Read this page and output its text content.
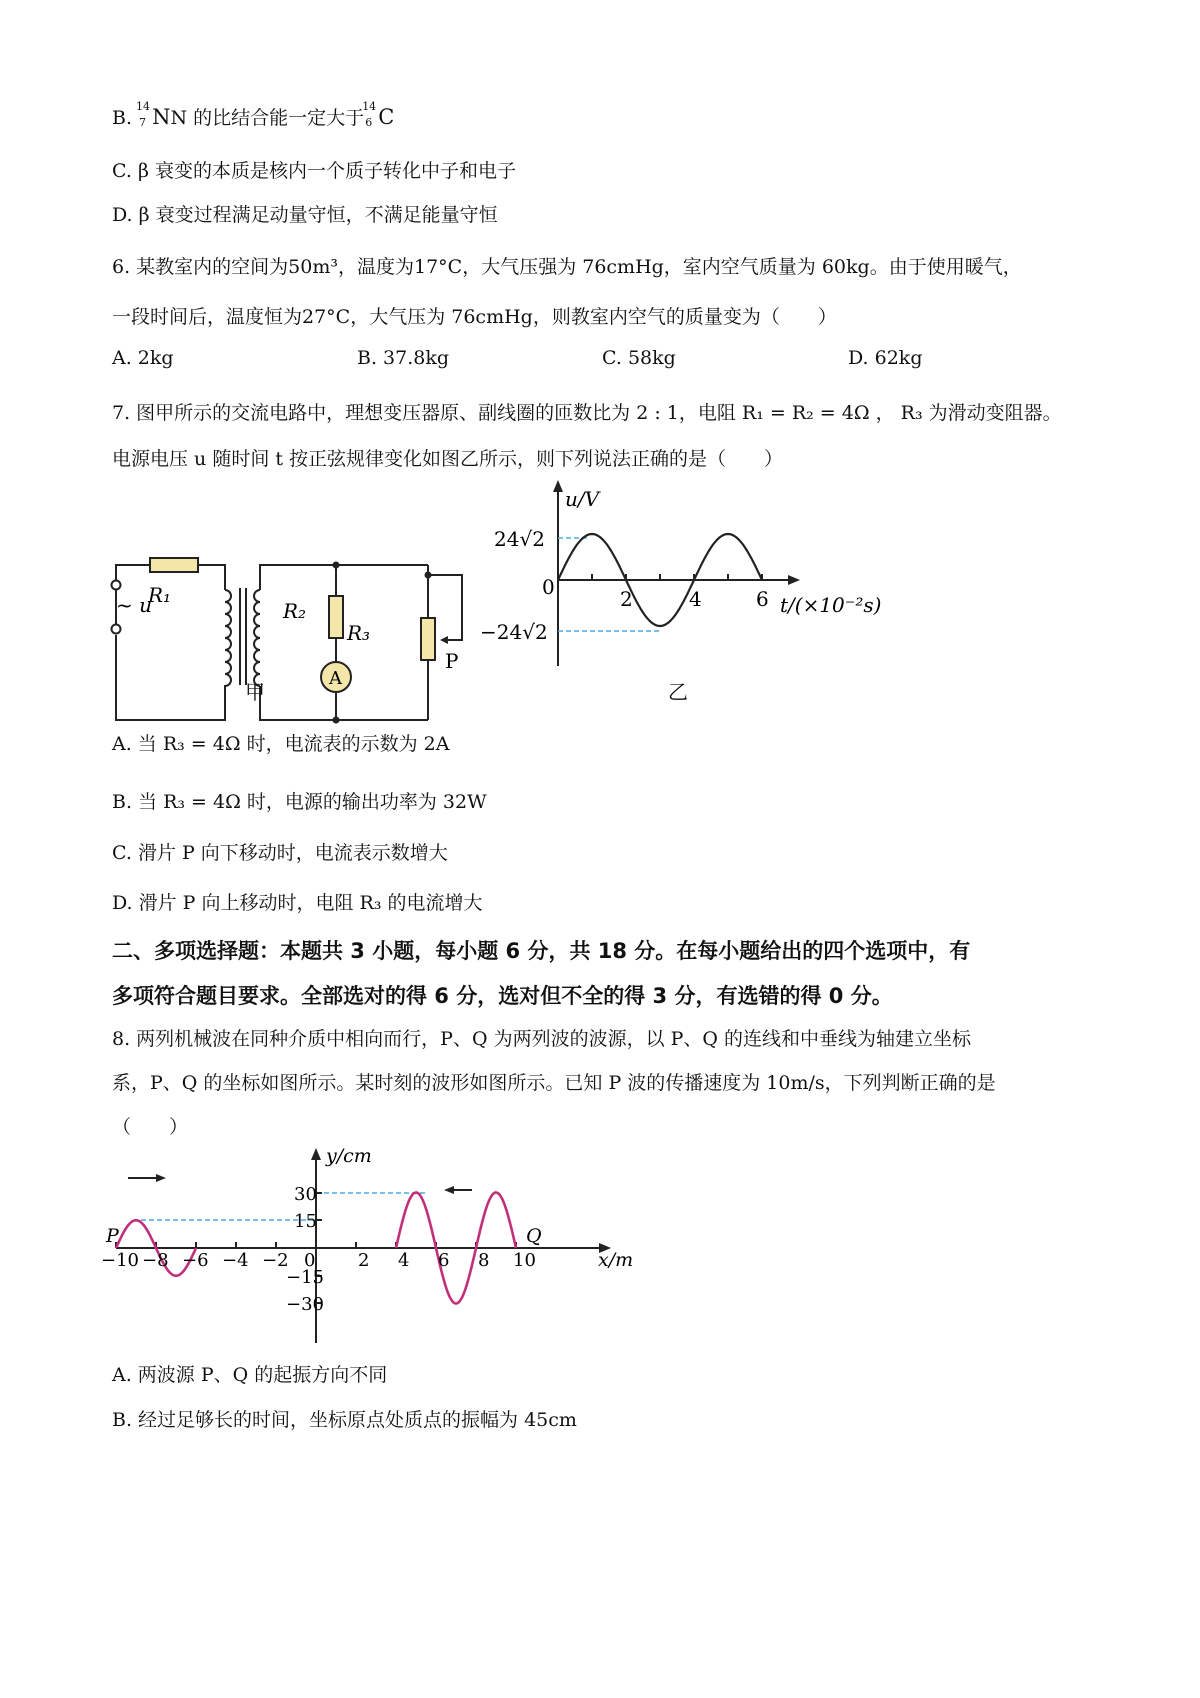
B.
14
7 NN 的比结合能一定大于
14
6 C
C. β 衰变的本质是核内一个质子转化中子和电子
D. β 衰变过程满足动量守恒，不满足能量守恒
6. 某教室内的空间为50m³，温度为17°C，大气压强为 76cmHg，室内空气质量为 60kg。由于使用暖气，
一段时间后，温度恒为27°C，大气压为 76cmHg，则教室内空气的质量变为（　　）
A. 2kg	B. 37.8kg	C. 58kg	D. 62kg
7. 图甲所示的交流电路中，理想变压器原、副线圈的匝数比为 2 : 1，电阻 R₁ = R₂ = 4Ω ， R₃ 为滑动变阻器。
电源电压 u 随时间 t 按正弦规律变化如图乙所示，则下列说法正确的是（　　）
A
R₁
R₂
R₃
~ u
P
甲
u/V
24√2
−24√2
0	2	4	6 t/(×10⁻²s)
乙
A. 当 R₃ = 4Ω 时，电流表的示数为 2A
B. 当 R₃ = 4Ω 时，电源的输出功率为 32W
C. 滑片 P 向下移动时，电流表示数增大
D. 滑片 P 向上移动时，电阻 R₃ 的电流增大
二、多项选择题：本题共 3 小题，每小题 6 分，共 18 分。在每小题给出的四个选项中，有
多项符合题目要求。全部选对的得 6 分，选对但不全的得 3 分，有选错的得 0 分。
8. 两列机械波在同种介质中相向而行，P、Q 为两列波的波源，以 P、Q 的连线和中垂线为轴建立坐标
系，P、Q 的坐标如图所示。某时刻的波形如图所示。已知 P 波的传播速度为 10m/s，下列判断正确的是
（　　）
y/cm
30
15
−15
−30
P	Q
−10 −8 −6 −4 −2 0 2 4 6 8 10	x/m
A. 两波源 P、Q 的起振方向不同
B. 经过足够长的时间，坐标原点处质点的振幅为 45cm
